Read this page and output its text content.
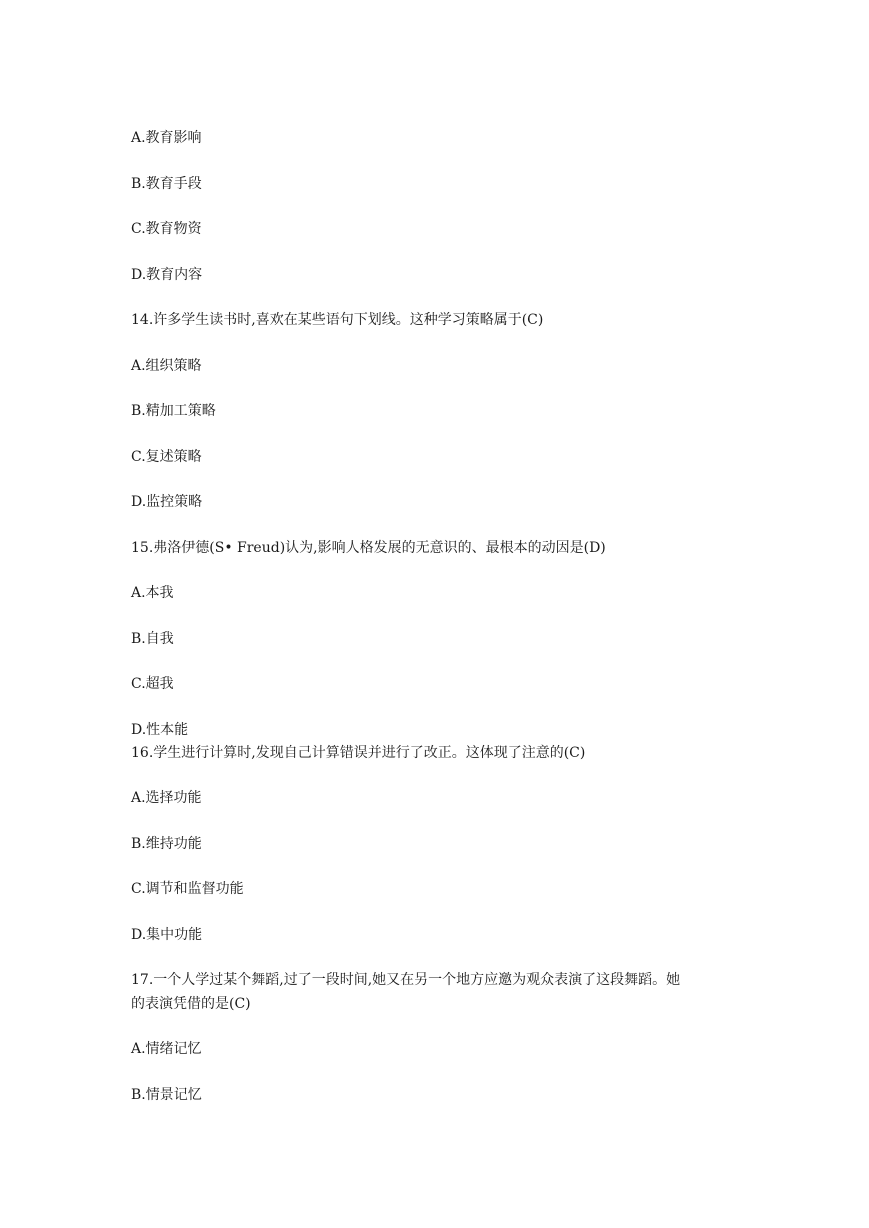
A.教育影响

B.教育手段

C.教育物资

D.教育内容

14.许多学生读书时,喜欢在某些语句下划线。这种学习策略属于(C)

A.组织策略

B.精加工策略

C.复述策略

D.监控策略

15.弗洛伊德(S• Freud)认为,影响人格发展的无意识的、最根本的动因是(D)

A.本我

B.自我

C.超我

D.性本能

16.学生进行计算时,发现自己计算错误并进行了改正。这体现了注意的(C)

A.选择功能

B.维持功能

C.调节和监督功能

D.集中功能

17.一个人学过某个舞蹈,过了一段时间,她又在另一个地方应邀为观众表演了这段舞蹈。她

的表演凭借的是(C)

A.情绪记忆

B.情景记忆
